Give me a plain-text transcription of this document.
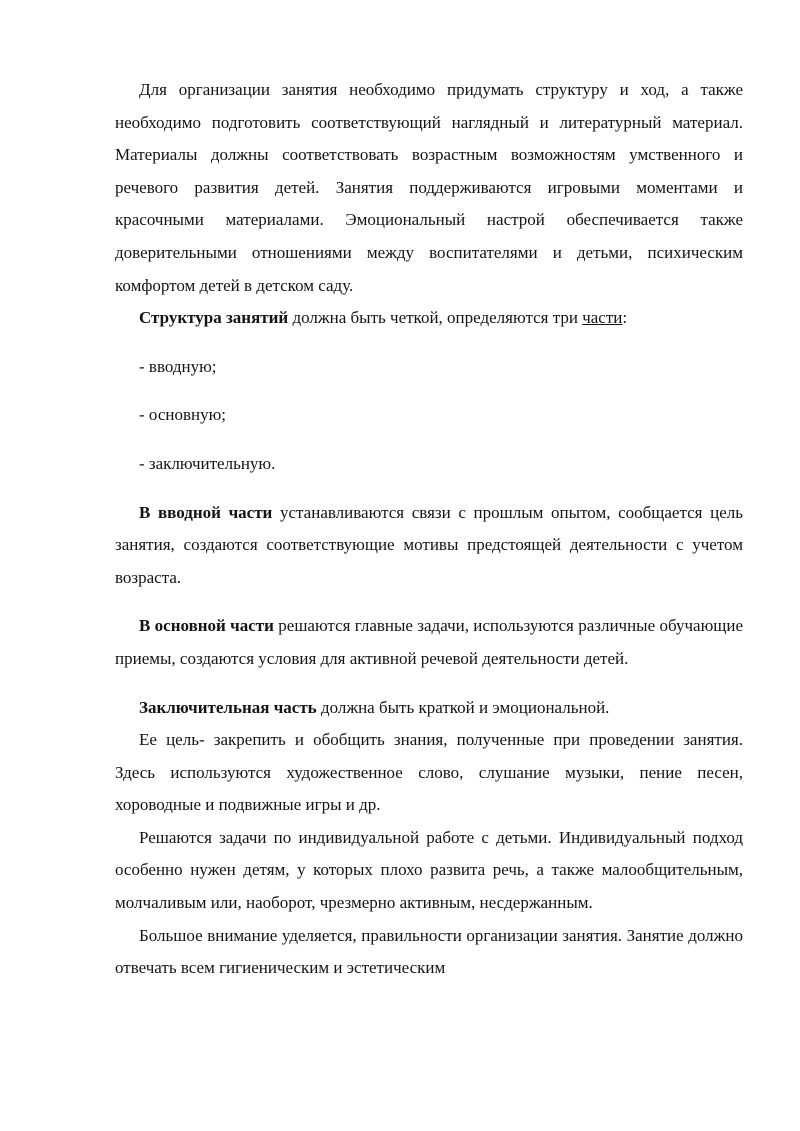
Для организации занятия необходимо придумать структуру и ход, а также необходимо подготовить соответствующий наглядный и литературный материал. Материалы должны соответствовать возрастным возможностям умственного и речевого развития детей. Занятия поддерживаются игровыми моментами и красочными материалами. Эмоциональный настрой обеспечивается также доверительными отношениями между воспитателями и детьми, психическим комфортом детей в детском саду.

Структура занятий должна быть четкой, определяются три части:

- вводную;

- основную;

- заключительную.

В вводной части устанавливаются связи с прошлым опытом, сообщается цель занятия, создаются соответствующие мотивы предстоящей деятельности с учетом возраста.

В основной части решаются главные задачи, используются различные обучающие приемы, создаются условия для активной речевой деятельности детей.

Заключительная часть должна быть краткой и эмоциональной.

Ее цель- закрепить и обобщить знания, полученные при проведении занятия. Здесь используются художественное слово, слушание музыки, пение песен, хороводные и подвижные игры и др.

Решаются задачи по индивидуальной работе с детьми. Индивидуальный подход особенно нужен детям, у которых плохо развита речь, а также малообщительным, молчаливым или, наоборот, чрезмерно активным, несдержанным.

Большое внимание уделяется, правильности организации занятия. Занятие должно отвечать всем гигиеническим и эстетическим
